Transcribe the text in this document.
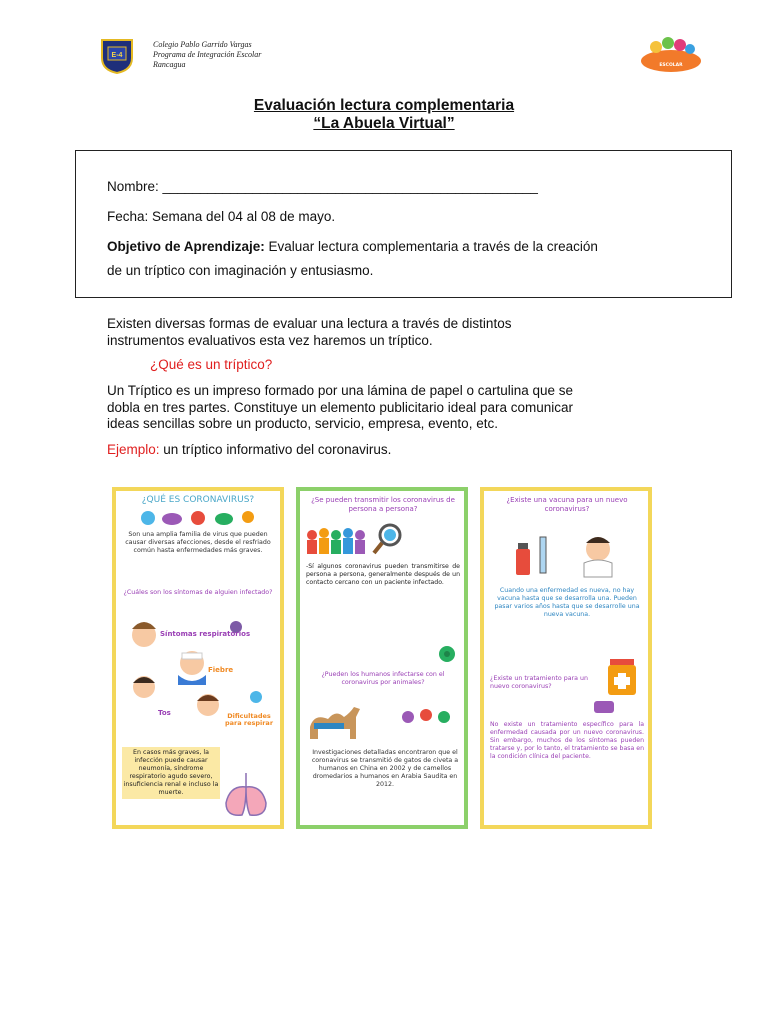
E-4
Colegio Pablo Garrido Vargas
Programa de Integración Escolar
Rancagua	ESCOLAR
Evaluación lectura complementaria
“La Abuela Virtual”
Nombre: __________________________________________________
Fecha: Semana del 04 al 08 de mayo.
Objetivo de Aprendizaje: Evaluar lectura complementaria a través de la creación
de un tríptico con imaginación y entusiasmo.
Existen diversas formas de evaluar una lectura a través de distintos
instrumentos evaluativos esta vez haremos un tríptico.
¿Qué es un tríptico?
Un Tríptico es un impreso formado por una lámina de papel o cartulina que se
dobla en tres partes. Constituye un elemento publicitario ideal para comunicar
ideas sencillas sobre un producto, servicio, empresa, evento, etc.
Ejemplo: un tríptico informativo del coronavirus.
¿QUÉ ES CORONAVIRUS?
Son una amplia familia de virus que pueden causar diversas afecciones, desde el resfriado común hasta enfermedades más graves.
¿Cuáles son los síntomas de alguien infectado?
Síntomas respiratorios
Fiebre
Tos	Dificultades para respirar
En casos más graves, la infección puede causar neumonía, síndrome respiratorio agudo severo, insuficiencia renal e incluso la muerte.
¿Se pueden transmitir los coronavirus de persona a persona?
-Sí algunos coronavirus pueden transmitirse de persona a persona, generalmente después de un contacto cercano con un paciente infectado.
¿Pueden los humanos infectarse con el coronavirus por animales?
Investigaciones detalladas encontraron que el coronavirus se transmitió de gatos de civeta a humanos en China en 2002 y de camellos dromedarios a humanos en Arabia Saudita en 2012.
¿Existe una vacuna para un nuevo coronavirus?
Cuando una enfermedad es nueva, no hay vacuna hasta que se desarrolla una. Pueden pasar varios años hasta que se desarrolle una nueva vacuna.
¿Existe un tratamiento para un nuevo coronavirus?
No existe un tratamiento específico para la enfermedad causada por un nuevo coronavirus. Sin embargo, muchos de los síntomas pueden tratarse y, por lo tanto, el tratamiento se basa en la condición clínica del paciente.
